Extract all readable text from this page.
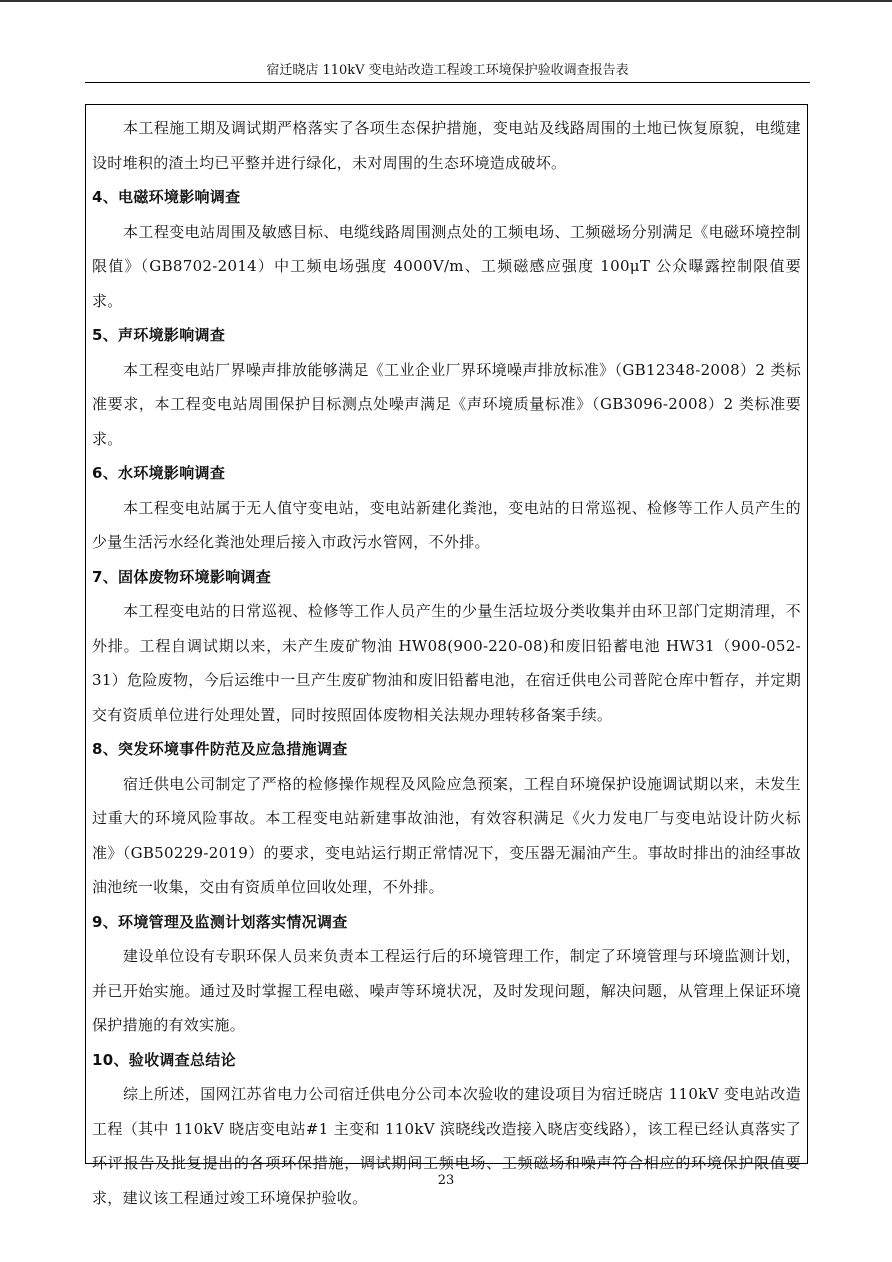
宿迁晓店 110kV 变电站改造工程竣工环境保护验收调查报告表

本工程施工期及调试期严格落实了各项生态保护措施，变电站及线路周围的土地已恢复原貌，电缆建设时堆积的渣土均已平整并进行绿化，未对周围的生态环境造成破坏。

4、电磁环境影响调查

本工程变电站周围及敏感目标、电缆线路周围测点处的工频电场、工频磁场分别满足《电磁环境控制限值》（GB8702-2014）中工频电场强度 4000V/m、工频磁感应强度 100μT 公众曝露控制限值要求。

5、声环境影响调查

本工程变电站厂界噪声排放能够满足《工业企业厂界环境噪声排放标准》（GB12348-2008）2 类标准要求，本工程变电站周围保护目标测点处噪声满足《声环境质量标准》（GB3096-2008）2 类标准要求。

6、水环境影响调查

本工程变电站属于无人值守变电站，变电站新建化粪池，变电站的日常巡视、检修等工作人员产生的少量生活污水经化粪池处理后接入市政污水管网，不外排。

7、固体废物环境影响调查

本工程变电站的日常巡视、检修等工作人员产生的少量生活垃圾分类收集并由环卫部门定期清理，不外排。工程自调试期以来，未产生废矿物油 HW08(900-220-08)和废旧铅蓄电池 HW31（900-052-31）危险废物，今后运维中一旦产生废矿物油和废旧铅蓄电池，在宿迁供电公司普陀仓库中暂存，并定期交有资质单位进行处理处置，同时按照固体废物相关法规办理转移备案手续。

8、突发环境事件防范及应急措施调查

宿迁供电公司制定了严格的检修操作规程及风险应急预案，工程自环境保护设施调试期以来，未发生过重大的环境风险事故。本工程变电站新建事故油池，有效容积满足《火力发电厂与变电站设计防火标准》（GB50229-2019）的要求，变电站运行期正常情况下，变压器无漏油产生。事故时排出的油经事故油池统一收集，交由有资质单位回收处理，不外排。

9、环境管理及监测计划落实情况调查

建设单位设有专职环保人员来负责本工程运行后的环境管理工作，制定了环境管理与环境监测计划，并已开始实施。通过及时掌握工程电磁、噪声等环境状况，及时发现问题，解决问题，从管理上保证环境保护措施的有效实施。

10、验收调查总结论

综上所述，国网江苏省电力公司宿迁供电分公司本次验收的建设项目为宿迁晓店 110kV 变电站改造工程（其中 110kV 晓店变电站#1 主变和 110kV 滨晓线改造接入晓店变线路），该工程已经认真落实了环评报告及批复提出的各项环保措施，调试期间工频电场、工频磁场和噪声符合相应的环境保护限值要求，建议该工程通过竣工环境保护验收。

23
